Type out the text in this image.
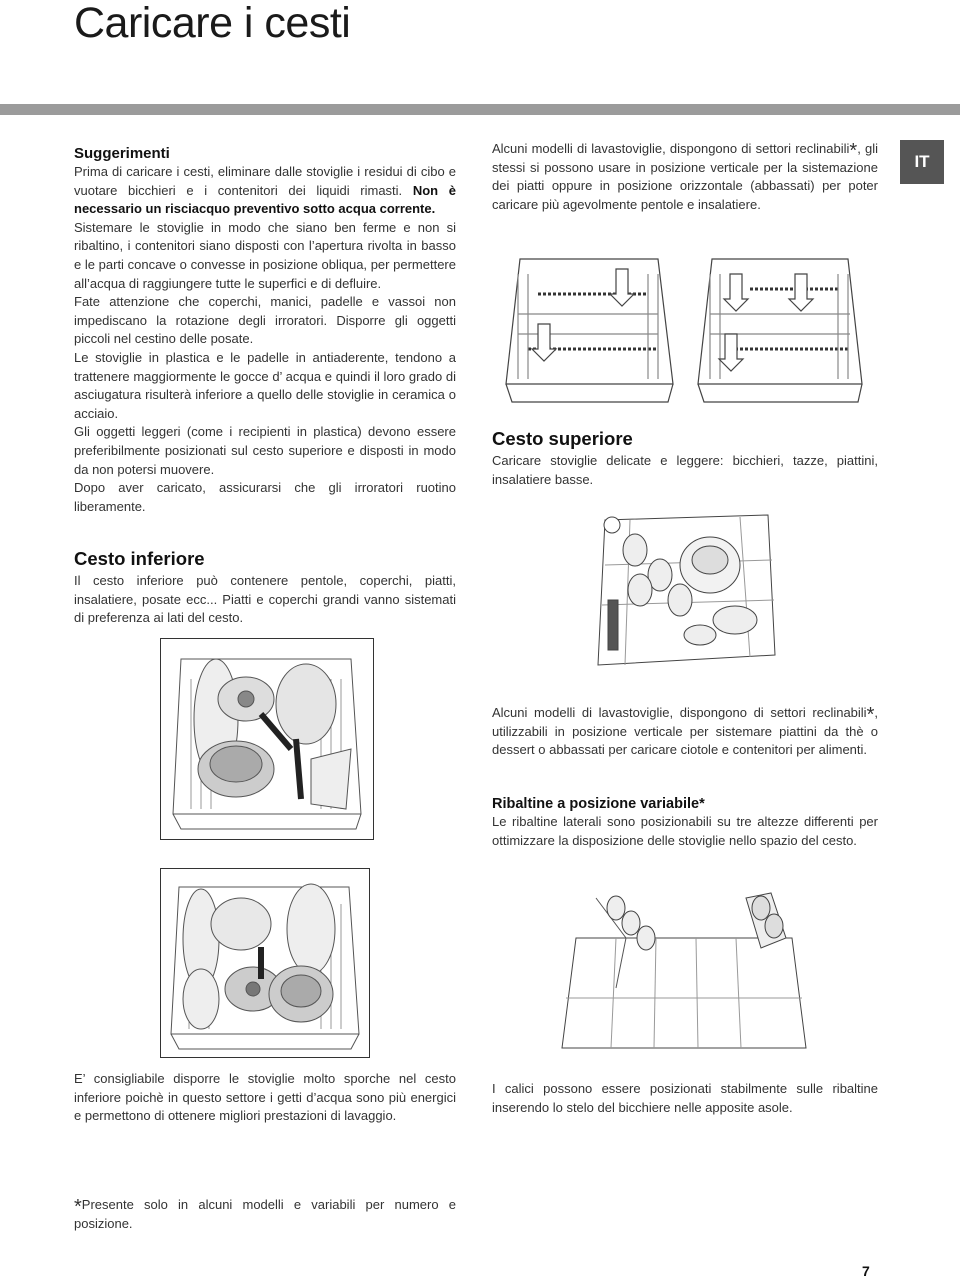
Caricare i cesti
IT
Suggerimenti

Prima di caricare i cesti, eliminare dalle stoviglie i residui di cibo e vuotare bicchieri e i contenitori dei liquidi rimasti. Non è necessario un risciacquo preventivo sotto acqua corrente.

Sistemare le stoviglie in modo che siano ben ferme e non si ribaltino, i contenitori siano disposti con l’apertura rivolta in basso e le parti concave o convesse in posizione obliqua, per permettere all’acqua di raggiungere tutte le superfici e di defluire.

Fate attenzione che coperchi, manici, padelle e vassoi non impediscano la rotazione degli irroratori. Disporre gli oggetti piccoli nel cestino delle posate.

Le stoviglie in plastica e le padelle in antiaderente, tendono a trattenere maggiormente le gocce d’ acqua e quindi il loro grado di asciugatura risulterà inferiore a quello delle stoviglie in ceramica o acciaio.

Gli oggetti leggeri (come i recipienti in plastica) devono essere preferibilmente posizionati sul cesto superiore e disposti in modo da non potersi muovere.

Dopo aver caricato, assicurarsi che gli irroratori ruotino liberamente.

Cesto inferiore

Il cesto inferiore può contenere pentole, coperchi, piatti, insalatiere, posate ecc... Piatti e coperchi grandi vanno sistemati di preferenza ai lati del cesto.

E’ consigliabile disporre le stoviglie molto sporche nel cesto inferiore poichè in questo settore i getti d’acqua sono più energici e permettono di ottenere migliori prestazioni di lavaggio.

Alcuni modelli di lavastoviglie, dispongono di settori reclinabili*, gli stessi si possono usare in posizione verticale per la sistemazione dei piatti oppure in posizione orizzontale (abbassati) per poter caricare più agevolmente pentole e insalatiere.

Cesto superiore

Caricare stoviglie delicate e leggere: bicchieri, tazze, piattini, insalatiere basse.

Alcuni modelli di lavastoviglie, dispongono di settori reclinabili*, utilizzabili in posizione verticale per sistemare piattini da thè o dessert o abbassati per caricare ciotole e contenitori per alimenti.

Ribaltine a posizione variabile*

Le ribaltine laterali sono posizionabili su tre altezze differenti per ottimizzare la disposizione delle stoviglie nello spazio del cesto.

I calici possono essere posizionati stabilmente sulle ribaltine inserendo lo stelo del bicchiere nelle apposite asole.

*Presente solo in alcuni modelli e variabili per numero e posizione.

7
